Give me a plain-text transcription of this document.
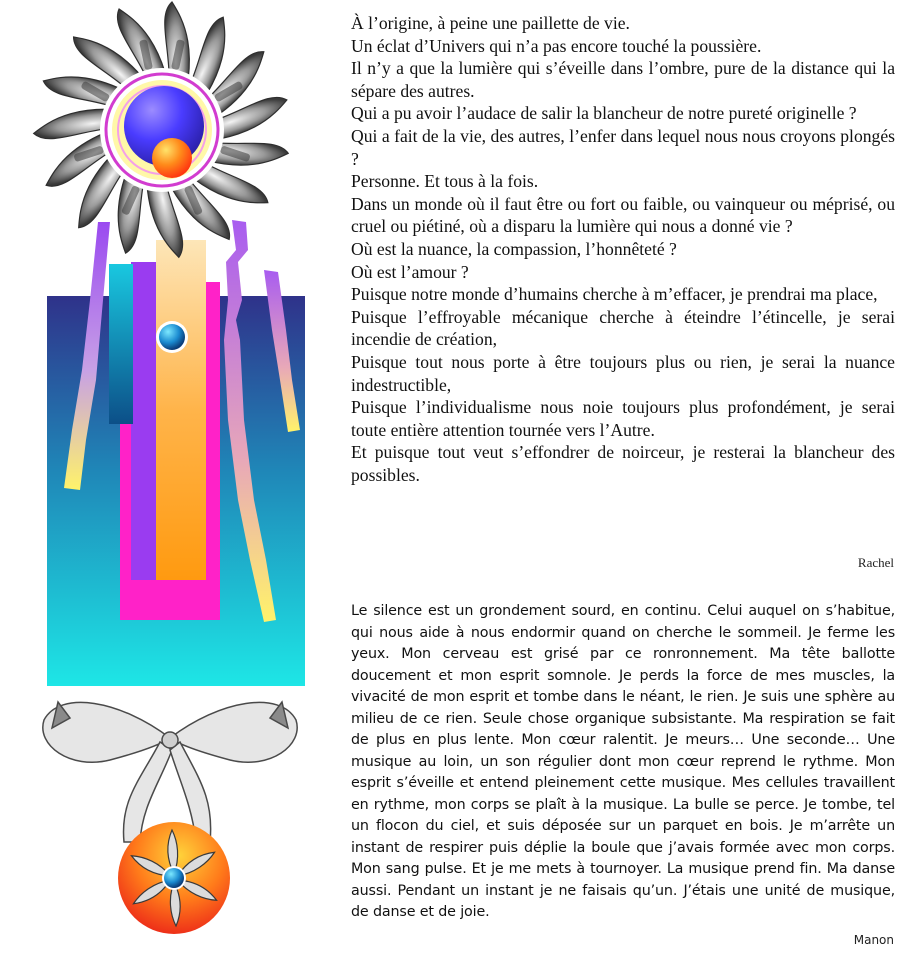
À l’origine, à peine une paillette de vie.

Un éclat d’Univers qui n’a pas encore touché la poussière.

Il n’y a que la lumière qui s’éveille dans l’ombre, pure de la distance qui la sépare des autres.

Qui a pu avoir l’audace de salir la blancheur de notre pureté originelle ?

Qui a fait de la vie, des autres, l’enfer dans lequel nous nous croyons plongés ?

Personne. Et tous à la fois.

Dans un monde où il faut être ou fort ou faible, ou vainqueur ou méprisé, ou cruel ou piétiné, où a disparu la lumière qui nous a donné vie ?

Où est la nuance, la compassion, l’honnêteté ?

Où est l’amour ?

Puisque notre monde d’humains cherche à m’effacer, je prendrai ma place,

Puisque l’effroyable mécanique cherche à éteindre l’étincelle, je serai incendie de création,

Puisque tout nous porte à être toujours plus ou rien, je serai la nuance indestructible,

Puisque l’individualisme nous noie toujours plus profondément, je serai toute entière attention tournée vers l’Autre.

Et puisque tout veut s’effondrer de noirceur, je resterai la blancheur des possibles.

Rachel

Le silence est un grondement sourd, en continu. Celui auquel on s’habitue, qui nous aide à nous endormir quand on cherche le sommeil. Je ferme les yeux. Mon cerveau est grisé par ce ronronnement. Ma tête ballotte doucement et mon esprit somnole. Je perds la force de mes muscles, la vivacité de mon esprit et tombe dans le néant, le rien. Je suis une sphère au milieu de ce rien. Seule chose organique subsistante. Ma respiration se fait de plus en plus lente. Mon cœur ralentit. Je meurs… Une seconde… Une musique au loin, un son régulier dont mon cœur reprend le rythme. Mon esprit s’éveille et entend pleinement cette musique. Mes cellules travaillent en rythme, mon corps se plaît à la musique. La bulle se perce. Je tombe, tel un flocon du ciel, et suis déposée sur un parquet en bois. Je m’arrête un instant de respirer puis déplie la boule que j’avais formée avec mon corps. Mon sang pulse. Et je me mets à tournoyer. La musique prend fin. Ma danse aussi. Pendant un instant je ne faisais qu’un. J’étais une unité de musique, de danse et de joie.

Manon
